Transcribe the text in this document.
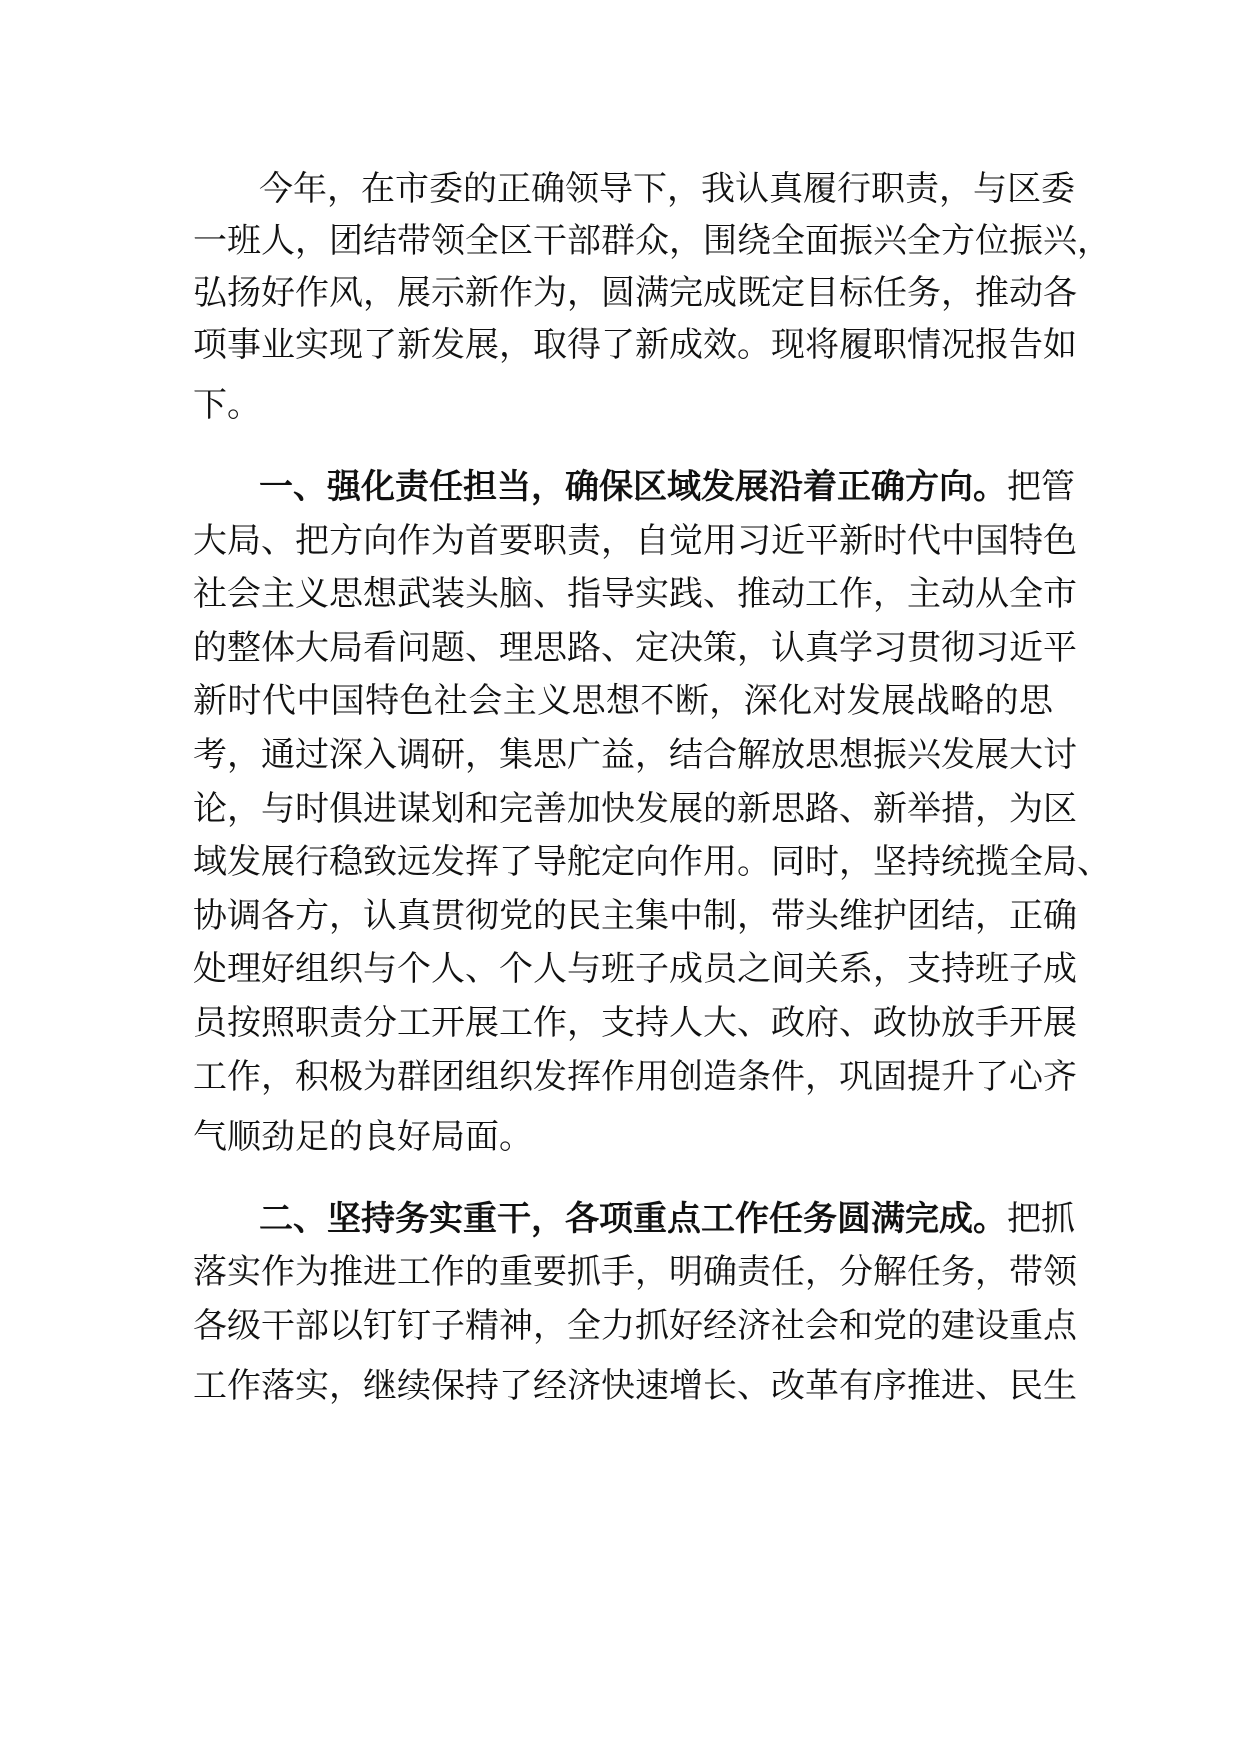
今年，在市委的正确领导下，我认真履行职责，与区委
一班人，团结带领全区干部群众，围绕全面振兴全方位振兴，
弘扬好作风，展示新作为，圆满完成既定目标任务，推动各
项事业实现了新发展，取得了新成效。现将履职情况报告如
下。
一、强化责任担当，确保区域发展沿着正确方向。把管
大局、把方向作为首要职责，自觉用习近平新时代中国特色
社会主义思想武装头脑、指导实践、推动工作，主动从全市
的整体大局看问题、理思路、定决策，认真学习贯彻习近平
新时代中国特色社会主义思想不断，深化对发展战略的思
考，通过深入调研，集思广益，结合解放思想振兴发展大讨
论，与时俱进谋划和完善加快发展的新思路、新举措，为区
域发展行稳致远发挥了导舵定向作用。同时，坚持统揽全局、
协调各方，认真贯彻党的民主集中制，带头维护团结，正确
处理好组织与个人、个人与班子成员之间关系，支持班子成
员按照职责分工开展工作，支持人大、政府、政协放手开展
工作，积极为群团组织发挥作用创造条件，巩固提升了心齐
气顺劲足的良好局面。
二、坚持务实重干，各项重点工作任务圆满完成。把抓
落实作为推进工作的重要抓手，明确责任，分解任务，带领
各级干部以钉钉子精神，全力抓好经济社会和党的建设重点
工作落实，继续保持了经济快速增长、改革有序推进、民生
